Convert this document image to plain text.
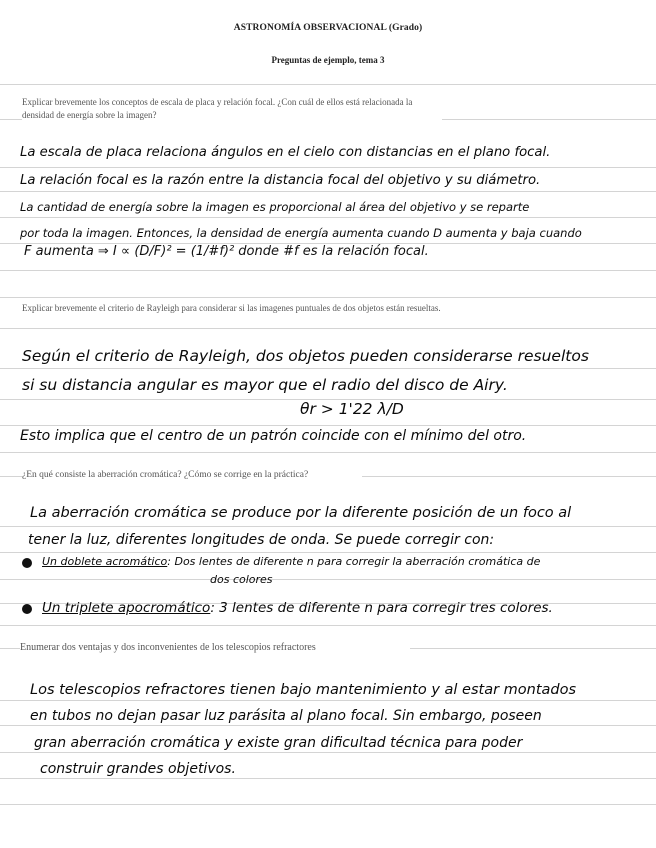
ASTRONOMÍA OBSERVACIONAL (Grado)
Preguntas de ejemplo, tema 3
Explicar brevemente los conceptos de escala de placa y relación focal. ¿Con cuál de ellos está relacionada la densidad de energía sobre la imagen?
La escala de placa relaciona ángulos en el cielo con distancias en el plano focal.
La relación focal es la razón entre la distancia focal del objetivo y su diámetro.
La cantidad de energía sobre la imagen es proporcional al área del objetivo y se reparte
por toda la imagen. Entonces, la densidad de energía aumenta cuando D aumenta y baja cuando
F aumenta ⇒ I ∝ (D/F)² = (1/#f)² donde #f es la relación focal.
Explicar brevemente el criterio de Rayleigh para considerar si las imagenes puntuales de dos objetos están resueltas.
Según el criterio de Rayleigh, dos objetos pueden considerarse resueltos
si su distancia angular es mayor que el radio del disco de Airy.
θr > 1'22 λ/D
Esto implica que el centro de un patrón coincide con el mínimo del otro.
¿En qué consiste la aberración cromática? ¿Cómo se corrige en la práctica?
La aberración cromática se produce por la diferente posición de un foco al
tener la luz, diferentes longitudes de onda. Se puede corregir con:
Un doblete acromático: Dos lentes de diferente n para corregir la aberración cromática de
dos colores
Un triplete apocromático: 3 lentes de diferente n para corregir tres colores.
Enumerar dos ventajas y dos inconvenientes de los telescopios refractores
Los telescopios refractores tienen bajo mantenimiento y al estar montados
en tubos no dejan pasar luz parásita al plano focal. Sin embargo, poseen
gran aberración cromática y existe gran dificultad técnica para poder
construir grandes objetivos.
